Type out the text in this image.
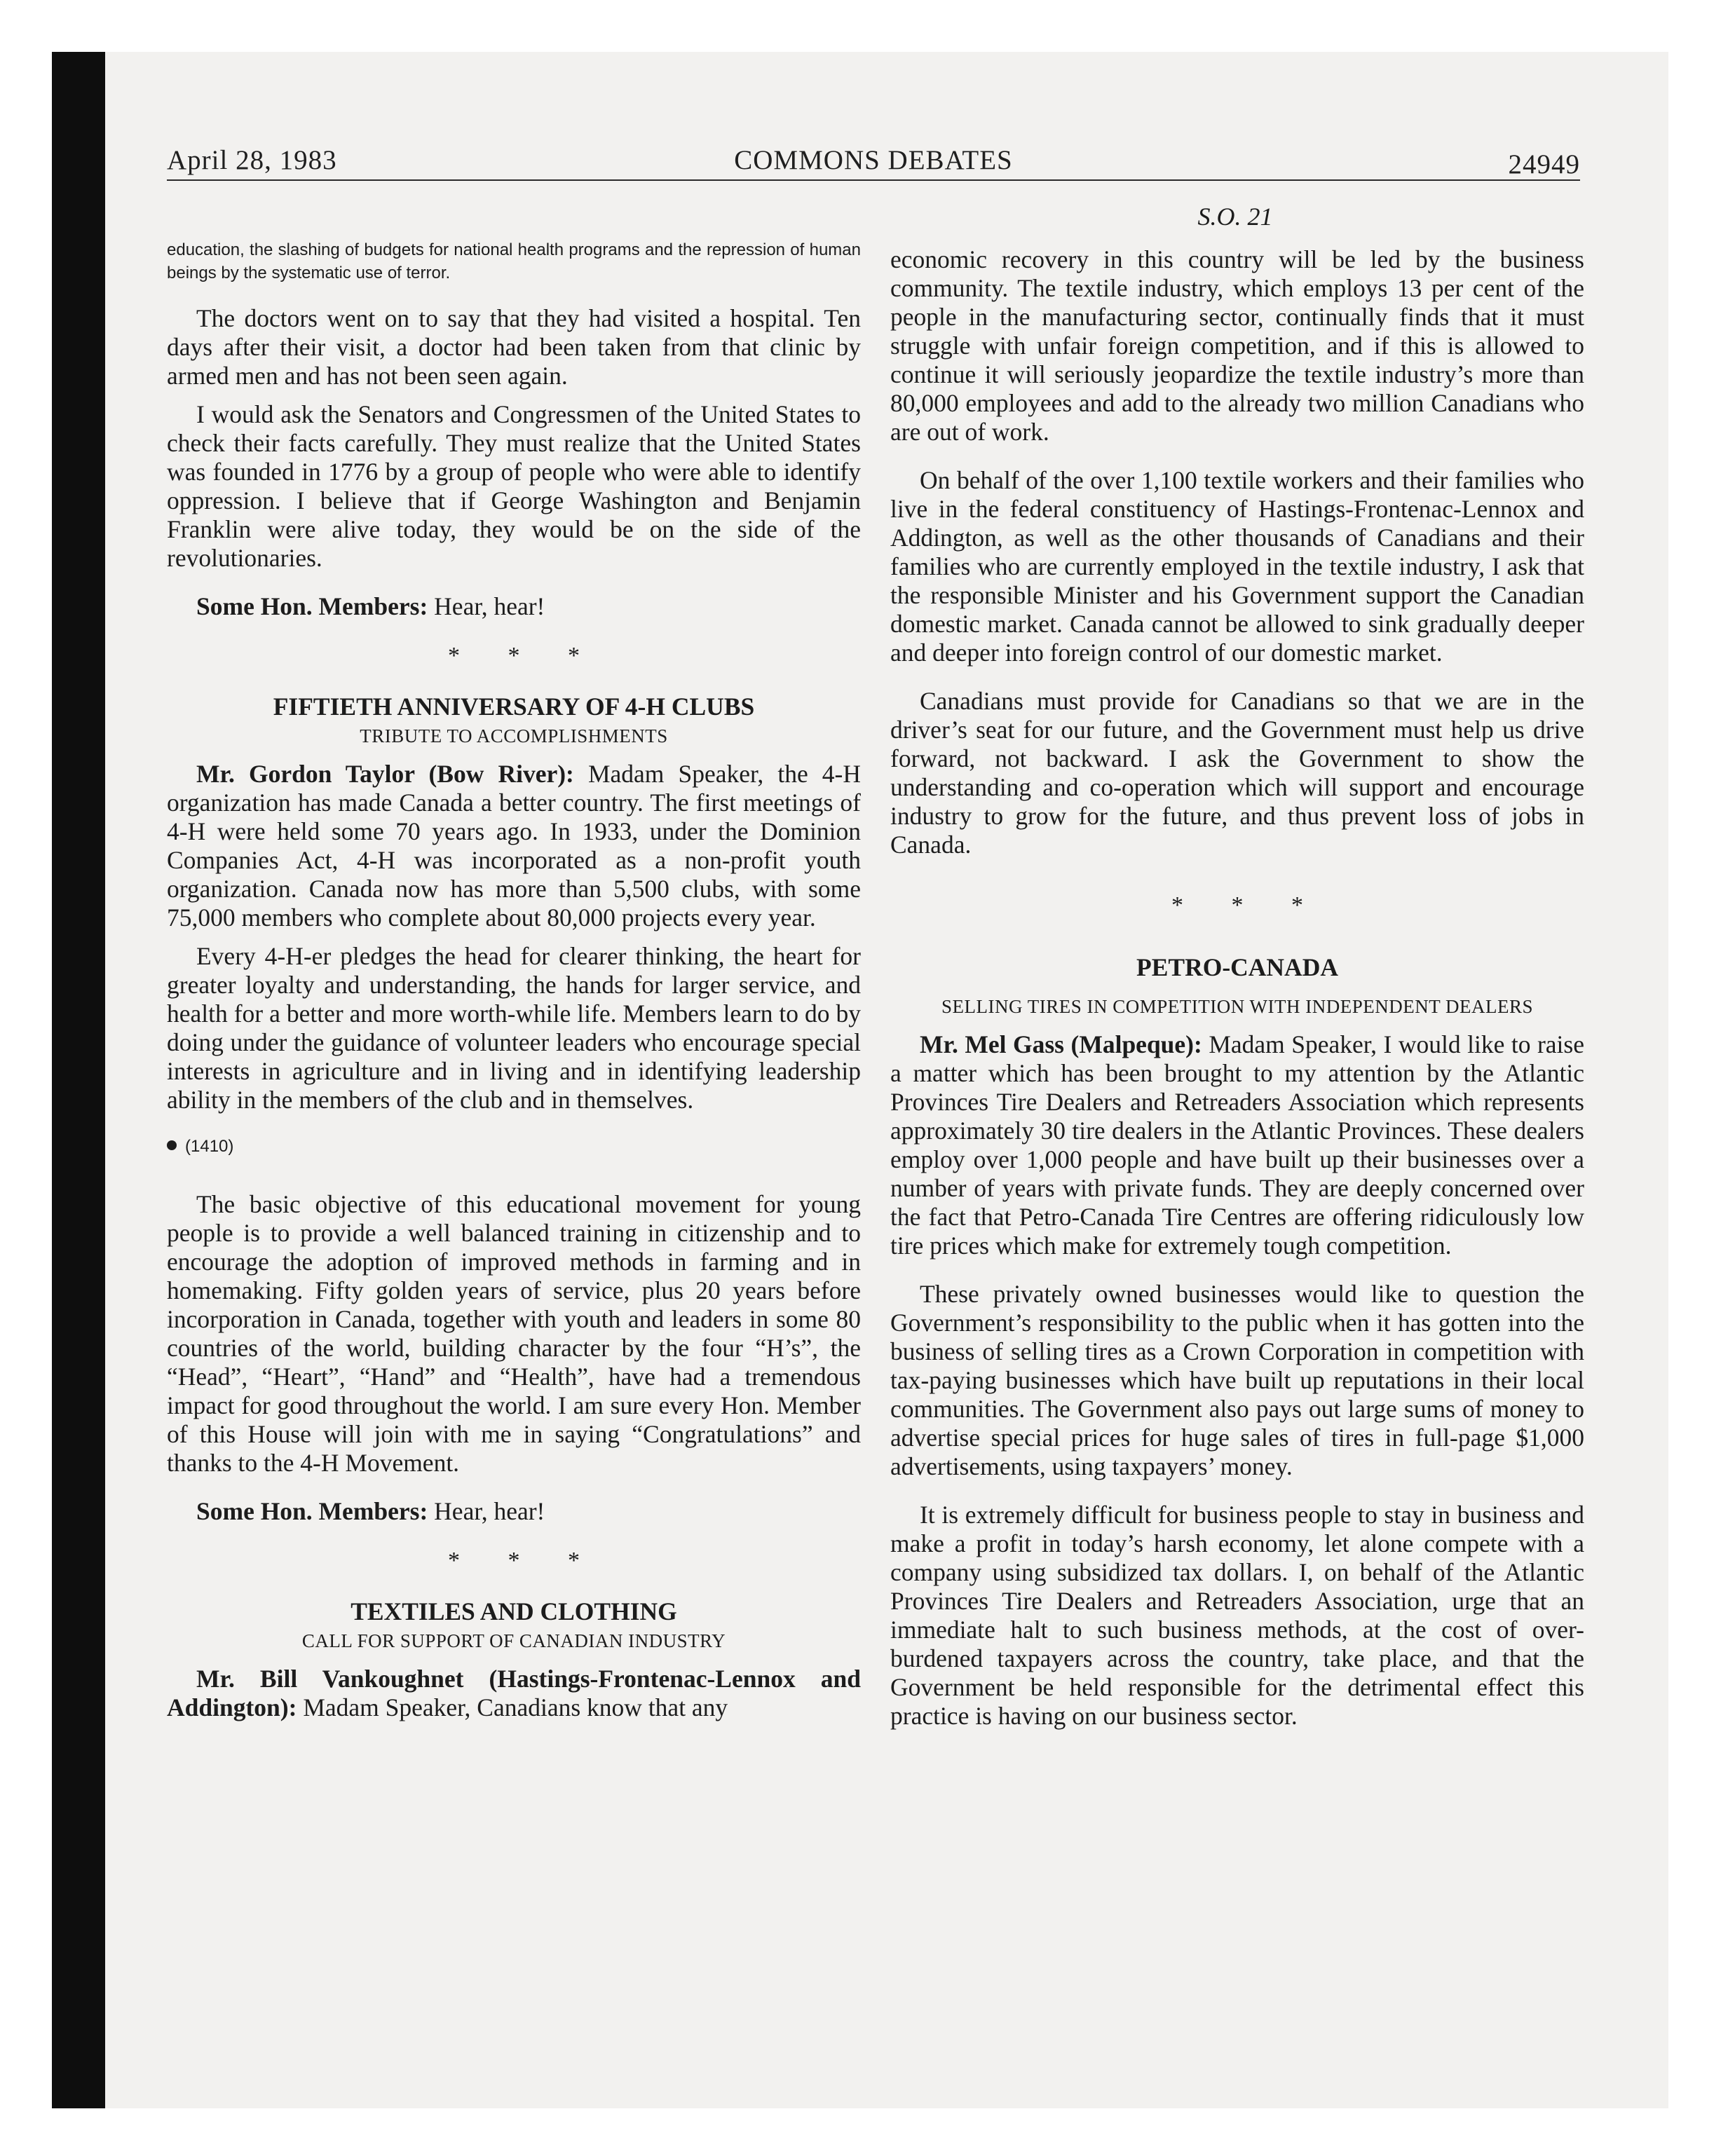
April 28, 1983	COMMONS DEBATES	24949
S.O. 21

education, the slashing of budgets for national health programs and the repression of human beings by the systematic use of terror.

The doctors went on to say that they had visited a hospital. Ten days after their visit, a doctor had been taken from that clinic by armed men and has not been seen again.

I would ask the Senators and Congressmen of the United States to check their facts carefully. They must realize that the United States was founded in 1776 by a group of people who were able to identify oppression. I believe that if George Washington and Benjamin Franklin were alive today, they would be on the side of the revolutionaries.

Some Hon. Members: Hear, hear!

* * *

FIFTIETH ANNIVERSARY OF 4-H CLUBS

TRIBUTE TO ACCOMPLISHMENTS

Mr. Gordon Taylor (Bow River): Madam Speaker, the 4-H organization has made Canada a better country. The first meetings of 4-H were held some 70 years ago. In 1933, under the Dominion Companies Act, 4-H was incorporated as a non-profit youth organization. Canada now has more than 5,500 clubs, with some 75,000 members who complete about 80,000 projects every year.

Every 4-H-er pledges the head for clearer thinking, the heart for greater loyalty and understanding, the hands for larger service, and health for a better and more worth-while life. Members learn to do by doing under the guidance of volunteer leaders who encourage special interests in agriculture and in living and in identifying leadership ability in the members of the club and in themselves.

(1410)

The basic objective of this educational movement for young people is to provide a well balanced training in citizenship and to encourage the adoption of improved methods in farming and in homemaking. Fifty golden years of service, plus 20 years before incorporation in Canada, together with youth and leaders in some 80 countries of the world, building character by the four “H’s”, the “Head”, “Heart”, “Hand” and “Health”, have had a tremendous impact for good throughout the world. I am sure every Hon. Member of this House will join with me in saying “Congratulations” and thanks to the 4-H Movement.

Some Hon. Members: Hear, hear!

* * *

TEXTILES AND CLOTHING

CALL FOR SUPPORT OF CANADIAN INDUSTRY

Mr. Bill Vankoughnet (Hastings-Frontenac-Lennox and Addington): Madam Speaker, Canadians know that any

economic recovery in this country will be led by the business community. The textile industry, which employs 13 per cent of the people in the manufacturing sector, continually finds that it must struggle with unfair foreign competition, and if this is allowed to continue it will seriously jeopardize the textile industry’s more than 80,000 employees and add to the already two million Canadians who are out of work.

On behalf of the over 1,100 textile workers and their families who live in the federal constituency of Hastings-Frontenac-Lennox and Addington, as well as the other thousands of Canadians and their families who are currently employed in the textile industry, I ask that the responsible Minister and his Government support the Canadian domestic market. Canada cannot be allowed to sink gradually deeper and deeper into foreign control of our domestic market.

Canadians must provide for Canadians so that we are in the driver’s seat for our future, and the Government must help us drive forward, not backward. I ask the Government to show the understanding and co-operation which will support and encourage industry to grow for the future, and thus prevent loss of jobs in Canada.

* * *

PETRO-CANADA

SELLING TIRES IN COMPETITION WITH INDEPENDENT DEALERS

Mr. Mel Gass (Malpeque): Madam Speaker, I would like to raise a matter which has been brought to my attention by the Atlantic Provinces Tire Dealers and Retreaders Association which represents approximately 30 tire dealers in the Atlantic Provinces. These dealers employ over 1,000 people and have built up their businesses over a number of years with private funds. They are deeply concerned over the fact that Petro-Canada Tire Centres are offering ridiculously low tire prices which make for extremely tough competition.

These privately owned businesses would like to question the Government’s responsibility to the public when it has gotten into the business of selling tires as a Crown Corporation in competition with tax-paying businesses which have built up reputations in their local communities. The Government also pays out large sums of money to advertise special prices for huge sales of tires in full-page $1,000 advertisements, using taxpayers’ money.

It is extremely difficult for business people to stay in business and make a profit in today’s harsh economy, let alone compete with a company using subsidized tax dollars. I, on behalf of the Atlantic Provinces Tire Dealers and Retreaders Association, urge that an immediate halt to such business methods, at the cost of over-burdened taxpayers across the country, take place, and that the Government be held responsible for the detrimental effect this practice is having on our business sector.
